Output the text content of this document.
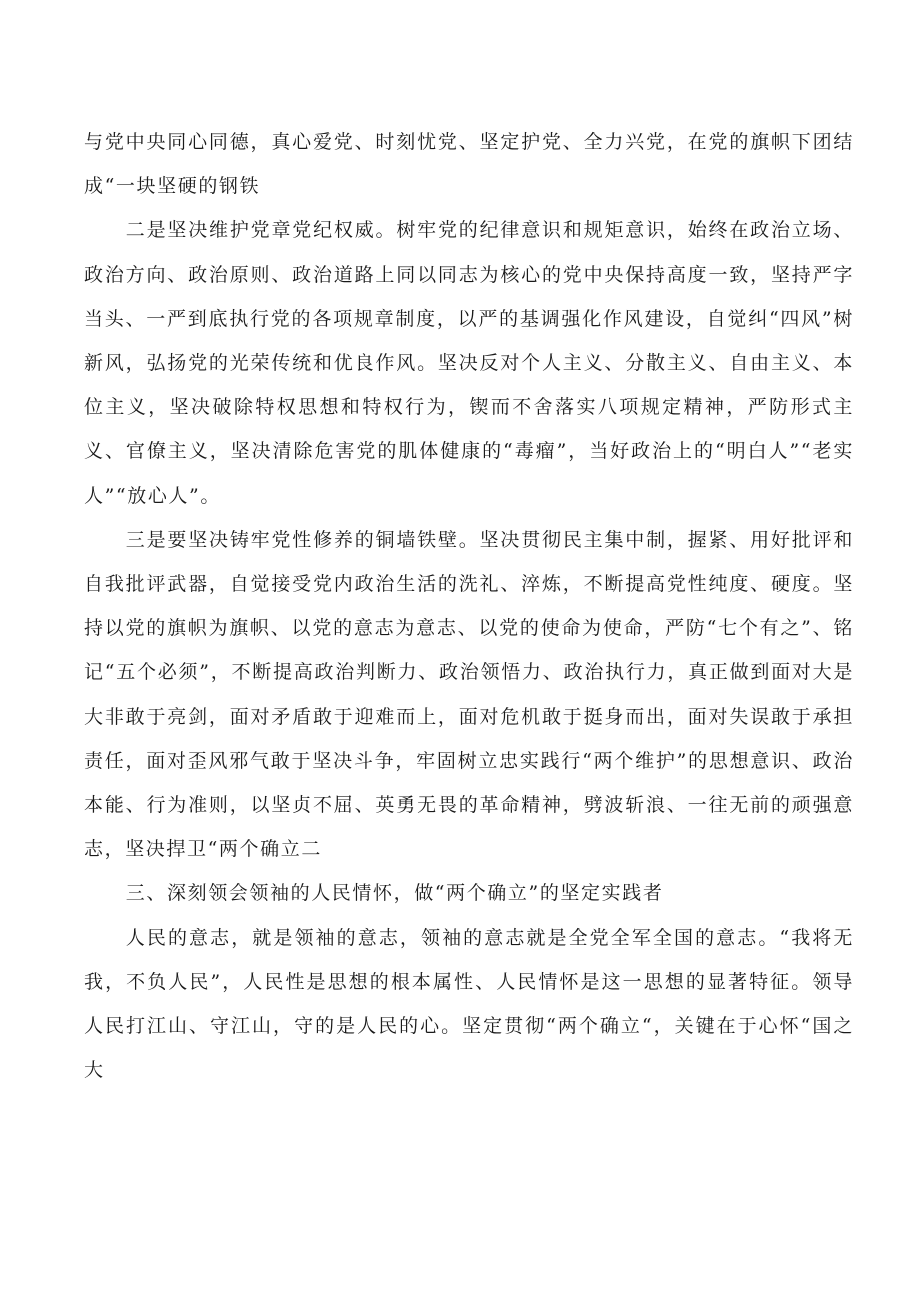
与党中央同心同德，真心爱党、时刻忧党、坚定护党、全力兴党，在党的旗帜下团结成“一块坚硬的钢铁

二是坚决维护党章党纪权威。树牢党的纪律意识和规矩意识，始终在政治立场、政治方向、政治原则、政治道路上同以同志为核心的党中央保持高度一致，坚持严字当头、一严到底执行党的各项规章制度，以严的基调强化作风建设，自觉纠“四风”树新风，弘扬党的光荣传统和优良作风。坚决反对个人主义、分散主义、自由主义、本位主义，坚决破除特权思想和特权行为，锲而不舍落实八项规定精神，严防形式主义、官僚主义，坚决清除危害党的肌体健康的“毒瘤”，当好政治上的“明白人”“老实人”“放心人”。

三是要坚决铸牢党性修养的铜墙铁壁。坚决贯彻民主集中制，握紧、用好批评和自我批评武器，自觉接受党内政治生活的洗礼、淬炼，不断提高党性纯度、硬度。坚持以党的旗帜为旗帜、以党的意志为意志、以党的使命为使命，严防“七个有之”、铭记“五个必须”，不断提高政治判断力、政治领悟力、政治执行力，真正做到面对大是大非敢于亮剑，面对矛盾敢于迎难而上，面对危机敢于挺身而出，面对失误敢于承担责任，面对歪风邪气敢于坚决斗争，牢固树立忠实践行“两个维护”的思想意识、政治本能、行为准则，以坚贞不屈、英勇无畏的革命精神，劈波斩浪、一往无前的顽强意志，坚决捍卫“两个确立二

三、深刻领会领袖的人民情怀，做“两个确立”的坚定实践者

人民的意志，就是领袖的意志，领袖的意志就是全党全军全国的意志。“我将无我，不负人民”，人民性是思想的根本属性、人民情怀是这一思想的显著特征。领导人民打江山、守江山，守的是人民的心。坚定贯彻“两个确立“，关键在于心怀“国之大
